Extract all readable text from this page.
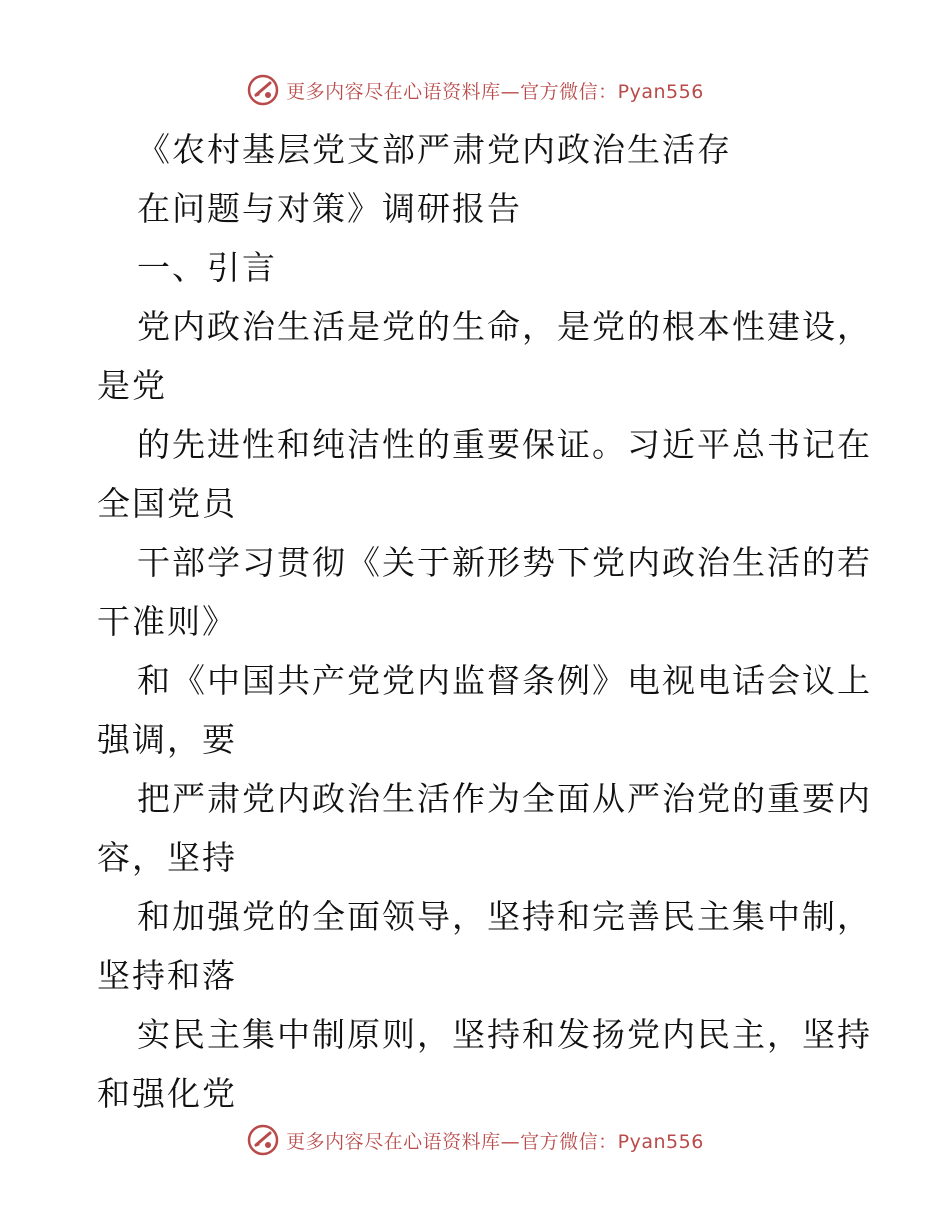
更多内容尽在心语资料库—官方微信：Pyan556
《农村基层党支部严肃党内政治生活存
在问题与对策》调研报告
一、引言
党内政治生活是党的生命，是党的根本性建设，
是党
的先进性和纯洁性的重要保证。习近平总书记在
全国党员
干部学习贯彻《关于新形势下党内政治生活的若
干准则》
和《中国共产党党内监督条例》电视电话会议上
强调，要
把严肃党内政治生活作为全面从严治党的重要内
容，坚持
和加强党的全面领导，坚持和完善民主集中制，
坚持和落
实民主集中制原则，坚持和发扬党内民主，坚持
和强化党
更多内容尽在心语资料库—官方微信：Pyan556
